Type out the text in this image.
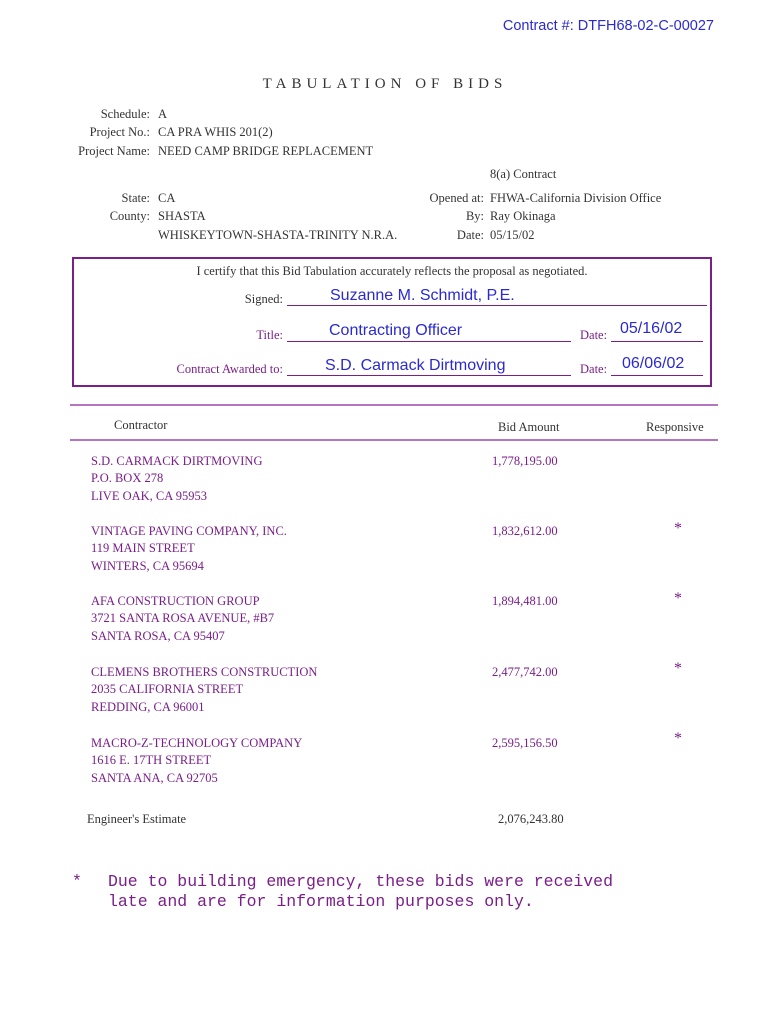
Contract #: DTFH68-02-C-00027
TABULATION OF BIDS
Schedule: A
Project No.: CA PRA WHIS 201(2)
Project Name: NEED CAMP BRIDGE REPLACEMENT
8(a) Contract
State: CA
County: SHASTA
WHISKEYTOWN-SHASTA-TRINITY N.R.A.
Opened at: FHWA-California Division Office
By: Ray Okinaga
Date: 05/15/02
I certify that this Bid Tabulation accurately reflects the proposal as negotiated.
Signed:	Suzanne M. Schmidt, P.E.
Title:	Contracting Officer	Date: 05/16/02
Contract Awarded to:	S.D. Carmack Dirtmoving	Date: 06/06/02
Contractor	Bid Amount	Responsive
S.D. CARMACK DIRTMOVING
P.O. BOX 278
LIVE OAK, CA 95953
1,778,195.00
VINTAGE PAVING COMPANY, INC.
119 MAIN STREET
WINTERS, CA 95694
1,832,612.00	*
AFA CONSTRUCTION GROUP
3721 SANTA ROSA AVENUE, #B7
SANTA ROSA, CA 95407
1,894,481.00	*
CLEMENS BROTHERS CONSTRUCTION
2035 CALIFORNIA STREET
REDDING, CA 96001
2,477,742.00	*
MACRO-Z-TECHNOLOGY COMPANY
1616 E. 17TH STREET
SANTA ANA, CA 92705
2,595,156.50	*
Engineer's Estimate	2,076,243.80
* Due to building emergency, these bids were received
late and are for information purposes only.
